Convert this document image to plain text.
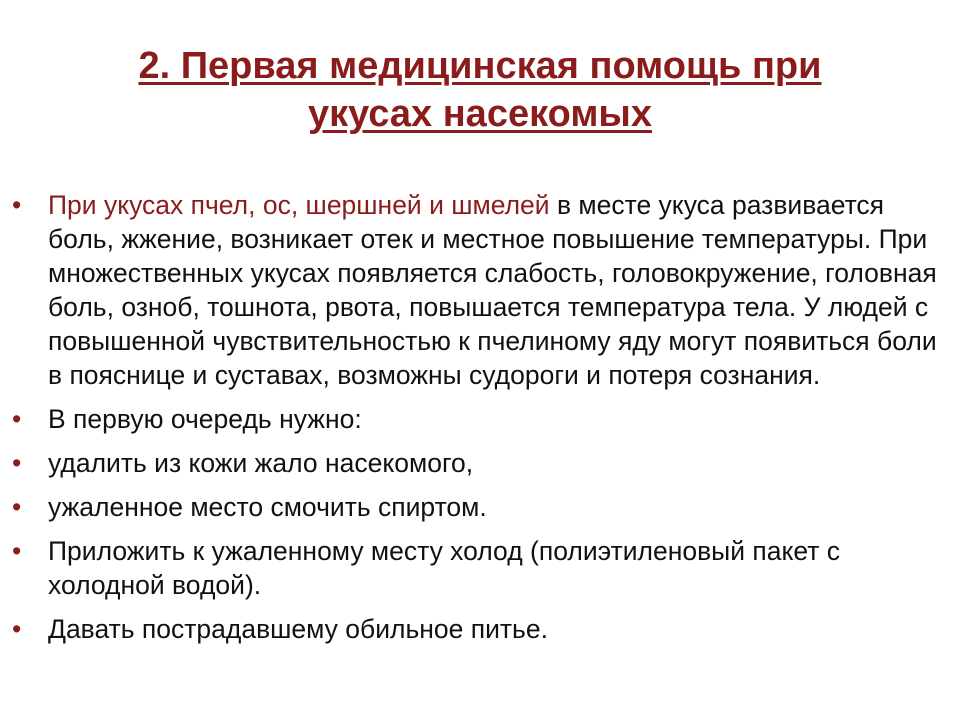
2. Первая медицинская помощь при
укусах насекомых
•	При укусах пчел, ос, шершней и шмелей в месте укуса развивается боль, жжение, возникает отек и местное повышение температуры. При множественных укусах появляется слабость, головокружение, головная боль, озноб, тошнота, рвота, повышается температура тела. У людей с повышенной чувствительностью к пчелиному яду могут появиться боли в пояснице и суставах, возможны судороги и потеря сознания.
•	В первую очередь нужно:
•	удалить из кожи жало насекомого,
•	ужаленное место смочить спиртом.
•	Приложить к ужаленному месту холод (полиэтиленовый пакет с холодной водой).
•	Давать пострадавшему обильное питье.
